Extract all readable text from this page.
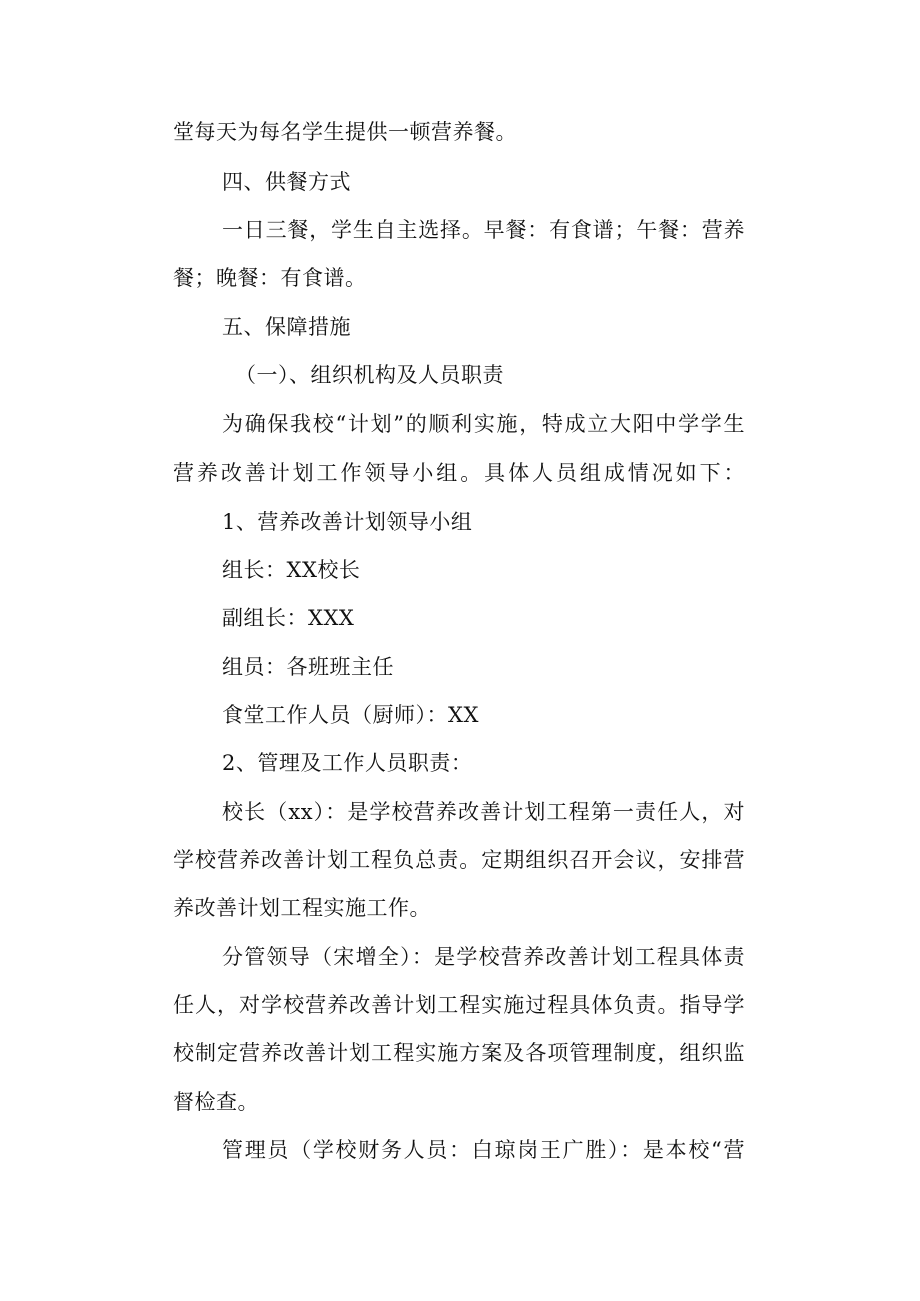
堂每天为每名学生提供一顿营养餐。
四、供餐方式
一日三餐，学生自主选择。早餐：有食谱；午餐：营养
餐；晚餐：有食谱。
五、保障措施
（一）、组织机构及人员职责
为确保我校“计划”的顺利实施，特成立大阳中学学生
营养改善计划工作领导小组。具体人员组成情况如下：
1、营养改善计划领导小组
组长：XX校长
副组长：XXX
组员：各班班主任
食堂工作人员（厨师）：XX
2、管理及工作人员职责：
校长（xx）：是学校营养改善计划工程第一责任人，对
学校营养改善计划工程负总责。定期组织召开会议，安排营
养改善计划工程实施工作。
分管领导（宋增全）：是学校营养改善计划工程具体责
任人，对学校营养改善计划工程实施过程具体负责。指导学
校制定营养改善计划工程实施方案及各项管理制度，组织监
督检查。
管理员（学校财务人员：白琼岗王广胜）：是本校“营
